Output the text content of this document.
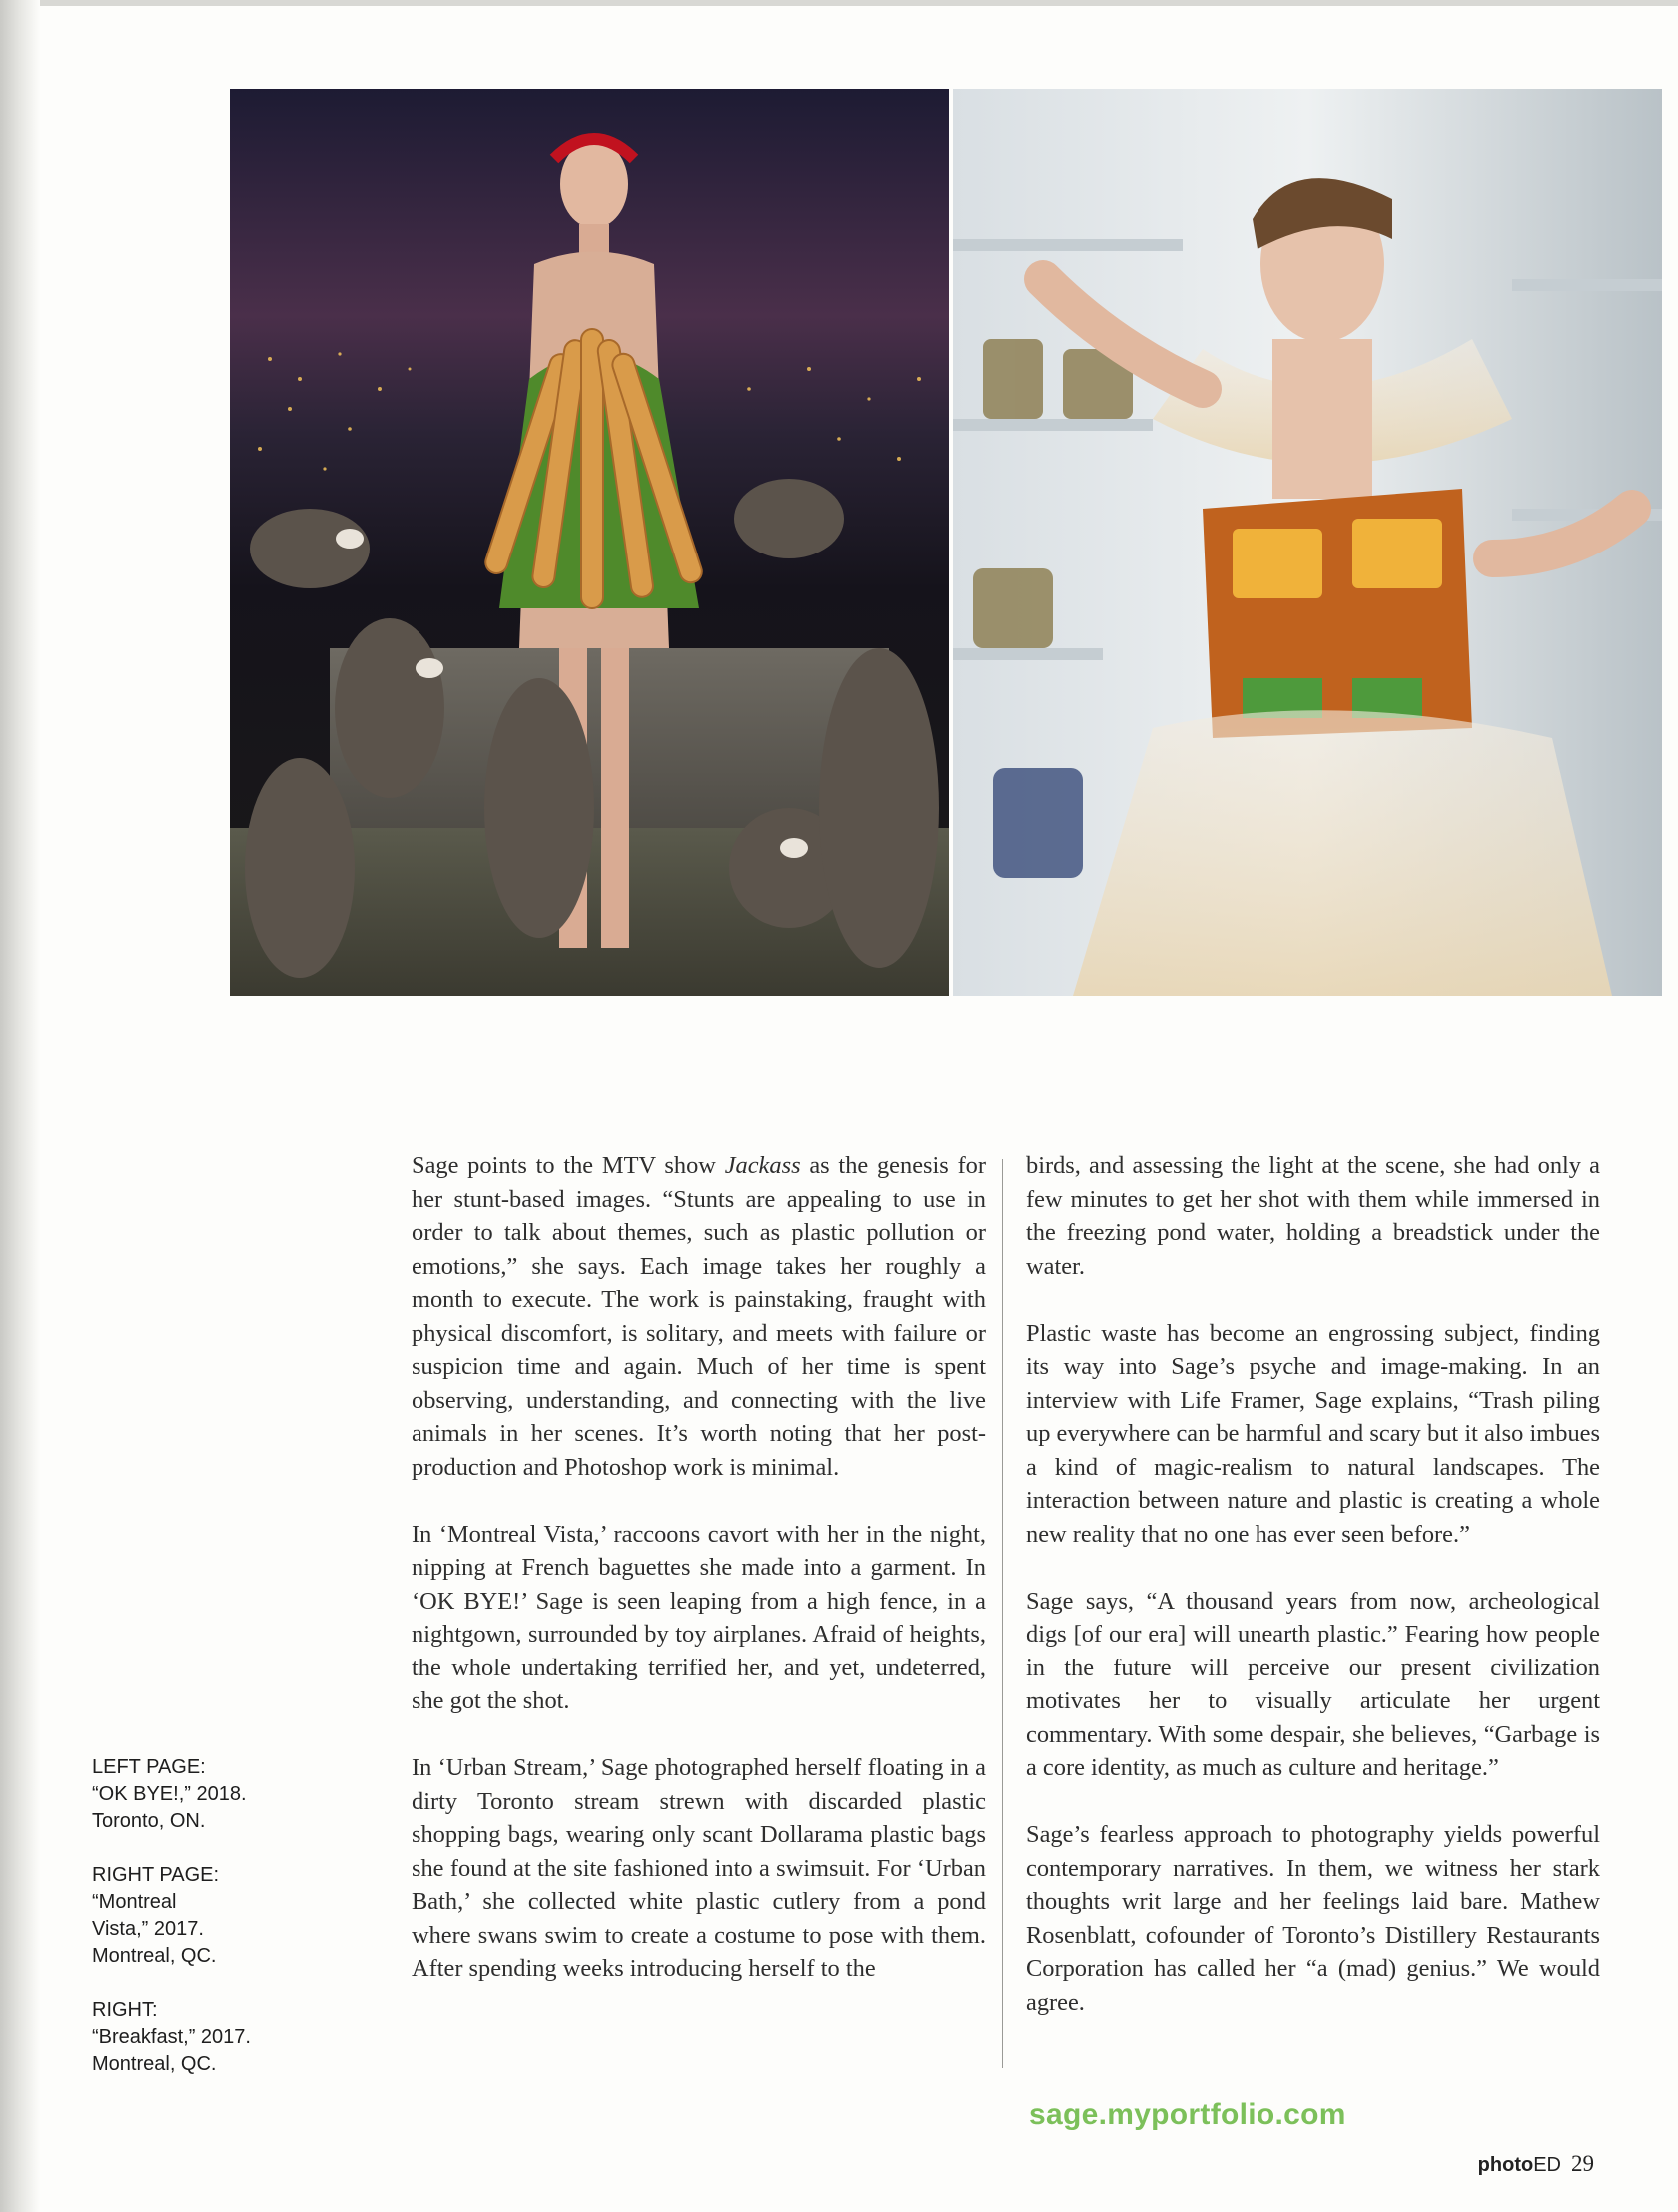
LEFT PAGE:
“OK BYE!,” 2018.
Toronto, ON.
RIGHT PAGE:
“Montreal
Vista,” 2017.
Montreal, QC.
RIGHT:
“Breakfast,” 2017.
Montreal, QC.

Sage points to the MTV show Jackass as the genesis for her stunt-based images. “Stunts are appealing to use in order to talk about themes, such as plastic pollution or emotions,” she says. Each image takes her roughly a month to execute. The work is painstaking, fraught with physical discomfort, is solitary, and meets with failure or suspicion time and again. Much of her time is spent observing, understanding, and connecting with the live animals in her scenes. It’s worth noting that her post-production and Photoshop work is minimal.

In ‘Montreal Vista,’ raccoons cavort with her in the night, nipping at French baguettes she made into a garment. In ‘OK BYE!’ Sage is seen leaping from a high fence, in a nightgown, surrounded by toy airplanes. Afraid of heights, the whole undertaking terrified her, and yet, undeterred, she got the shot.

In ‘Urban Stream,’ Sage photographed herself floating in a dirty Toronto stream strewn with discarded plastic shopping bags, wearing only scant Dollarama plastic bags she found at the site fashioned into a swimsuit. For ‘Urban Bath,’ she collected white plastic cutlery from a pond where swans swim to create a costume to pose with them. After spending weeks introducing herself to the

birds, and assessing the light at the scene, she had only a few minutes to get her shot with them while immersed in the freezing pond water, holding a breadstick under the water.

Plastic waste has become an engrossing subject, finding its way into Sage’s psyche and image-making. In an interview with Life Framer, Sage explains, “Trash piling up everywhere can be harmful and scary but it also imbues a kind of magic-realism to natural landscapes. The interaction between nature and plastic is creating a whole new reality that no one has ever seen before.”

Sage says, “A thousand years from now, archeological digs [of our era] will unearth plastic.” Fearing how people in the future will perceive our present civilization motivates her to visually articulate her urgent commentary. With some despair, she believes, “Garbage is a core identity, as much as culture and heritage.”

Sage’s fearless approach to photography yields powerful contemporary narratives. In them, we witness her stark thoughts writ large and her feelings laid bare. Mathew Rosenblatt, cofounder of Toronto’s Distillery Restaurants Corporation has called her “a (mad) genius.” We would agree.

sage.myportfolio.com
photoED 29
